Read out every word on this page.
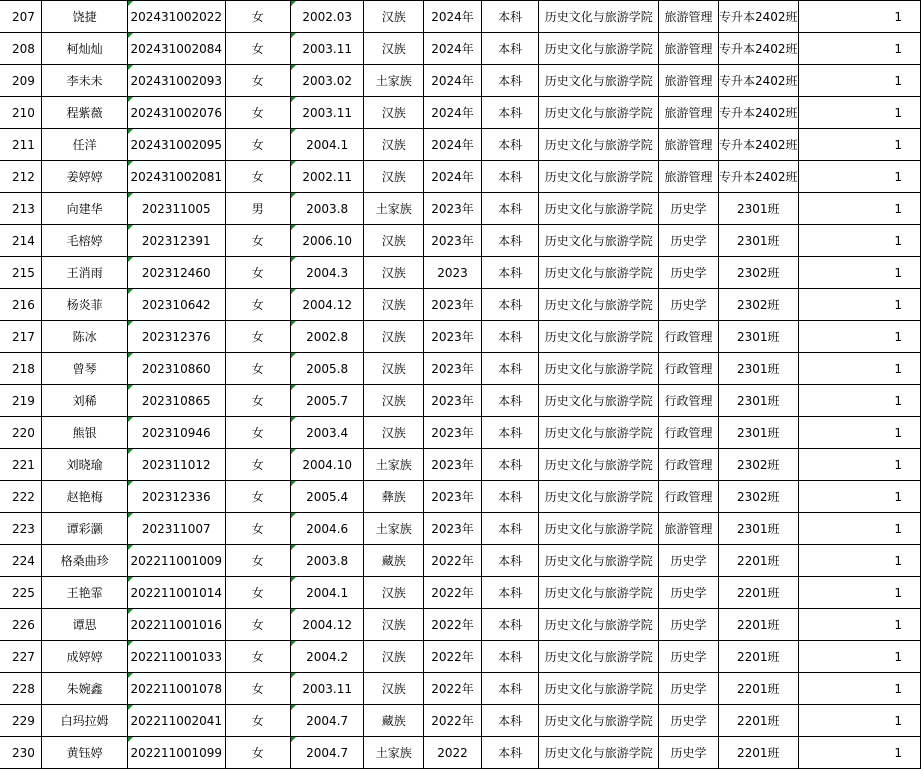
207	饶捷	202431002022	女	2002.03	汉族	2024年	本科	历史文化与旅游学院	旅游管理	专升本2402班	1
208	柯灿灿	202431002084	女	2003.11	汉族	2024年	本科	历史文化与旅游学院	旅游管理	专升本2402班	1
209	李未未	202431002093	女	2003.02	土家族	2024年	本科	历史文化与旅游学院	旅游管理	专升本2402班	1
210	程紫薇	202431002076	女	2003.11	汉族	2024年	本科	历史文化与旅游学院	旅游管理	专升本2402班	1
211	任洋	202431002095	女	2004.1	汉族	2024年	本科	历史文化与旅游学院	旅游管理	专升本2402班	1
212	姜婷婷	202431002081	女	2002.11	汉族	2024年	本科	历史文化与旅游学院	旅游管理	专升本2402班	1
213	向建华	202311005	男	2003.8	土家族	2023年	本科	历史文化与旅游学院	历史学	2301班	1
214	毛榕婷	202312391	女	2006.10	汉族	2023年	本科	历史文化与旅游学院	历史学	2301班	1
215	王消雨	202312460	女	2004.3	汉族	2023	本科	历史文化与旅游学院	历史学	2302班	1
216	杨炎菲	202310642	女	2004.12	汉族	2023年	本科	历史文化与旅游学院	历史学	2302班	1
217	陈冰	202312376	女	2002.8	汉族	2023年	本科	历史文化与旅游学院	行政管理	2301班	1
218	曾琴	202310860	女	2005.8	汉族	2023年	本科	历史文化与旅游学院	行政管理	2301班	1
219	刘稀	202310865	女	2005.7	汉族	2023年	本科	历史文化与旅游学院	行政管理	2301班	1
220	熊银	202310946	女	2003.4	汉族	2023年	本科	历史文化与旅游学院	行政管理	2301班	1
221	刘晓瑜	202311012	女	2004.10	土家族	2023年	本科	历史文化与旅游学院	行政管理	2302班	1
222	赵艳梅	202312336	女	2005.4	彝族	2023年	本科	历史文化与旅游学院	行政管理	2302班	1
223	谭彩灏	202311007	女	2004.6	土家族	2023年	本科	历史文化与旅游学院	旅游管理	2301班	1
224	格桑曲珍	202211001009	女	2003.8	藏族	2022年	本科	历史文化与旅游学院	历史学	2201班	1
225	王艳霏	202211001014	女	2004.1	汉族	2022年	本科	历史文化与旅游学院	历史学	2201班	1
226	谭思	202211001016	女	2004.12	汉族	2022年	本科	历史文化与旅游学院	历史学	2201班	1
227	成婷婷	202211001033	女	2004.2	汉族	2022年	本科	历史文化与旅游学院	历史学	2201班	1
228	朱婉鑫	202211001078	女	2003.11	汉族	2022年	本科	历史文化与旅游学院	历史学	2201班	1
229	白玛拉姆	202211002041	女	2004.7	藏族	2022年	本科	历史文化与旅游学院	历史学	2201班	1
230	黄钰婷	202211001099	女	2004.7	土家族	2022	本科	历史文化与旅游学院	历史学	2201班	1
